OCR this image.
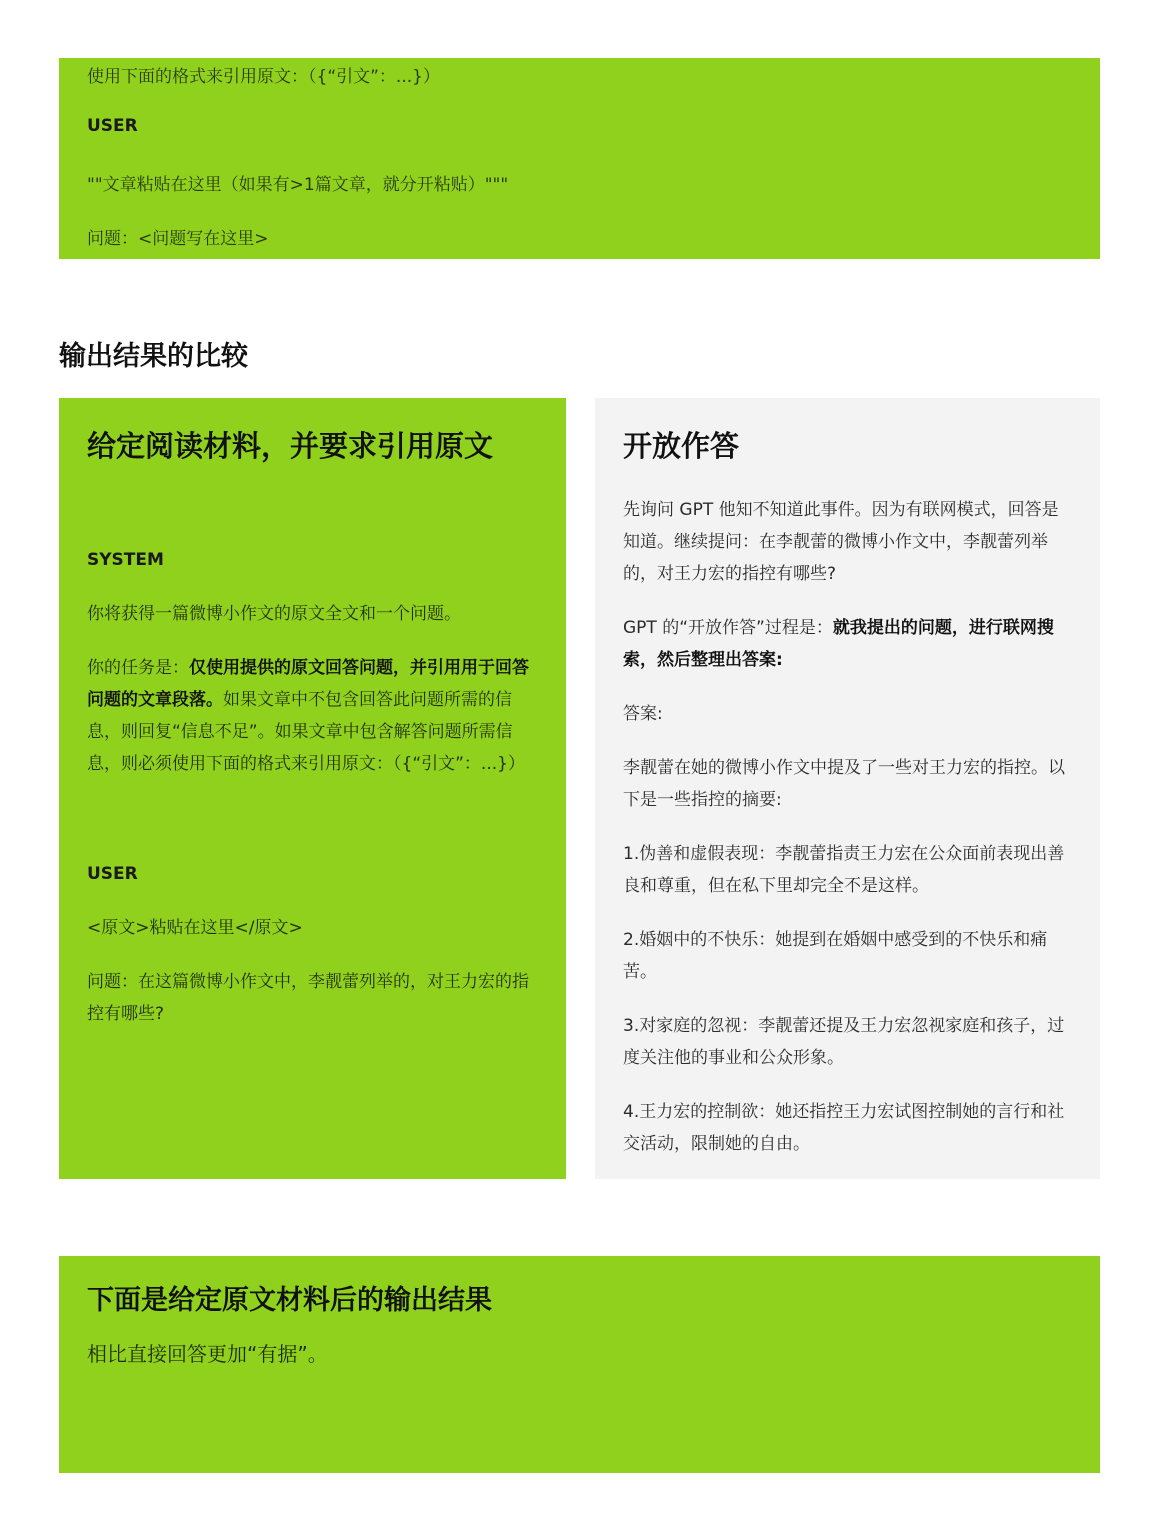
使用下面的格式来引用原文：（{“引文”：...}）

USER

""文章粘贴在这里（如果有>1篇文章，就分开粘贴）"""

问题：<问题写在这里>

输出结果的比较
给定阅读材料，并要求引用原文

SYSTEM

你将获得一篇微博小作文的原文全文和一个问题。

你的任务是：仅使用提供的原文回答问题，并引用用于回答问题的文章段落。如果文章中不包含回答此问题所需的信息，则回复“信息不足”。如果文章中包含解答问题所需信息，则必须使用下面的格式来引用原文：（{“引文”：...}）

USER

<原文>粘贴在这里</原文>

问题：在这篇微博小作文中，李靓蕾列举的，对王力宏的指控有哪些?

开放作答

先询问 GPT 他知不知道此事件。因为有联网模式，回答是知道。继续提问：在李靓蕾的微博小作文中，李靓蕾列举的，对王力宏的指控有哪些?

GPT 的“开放作答”过程是：就我提出的问题，进行联网搜索，然后整理出答案:

答案:

李靓蕾在她的微博小作文中提及了一些对王力宏的指控。以下是一些指控的摘要:

1.伪善和虚假表现：李靓蕾指责王力宏在公众面前表现出善良和尊重，但在私下里却完全不是这样。

2.婚姻中的不快乐：她提到在婚姻中感受到的不快乐和痛苦。

3.对家庭的忽视：李靓蕾还提及王力宏忽视家庭和孩子，过度关注他的事业和公众形象。

4.王力宏的控制欲：她还指控王力宏试图控制她的言行和社交活动，限制她的自由。

下面是给定原文材料后的输出结果

相比直接回答更加“有据”。
